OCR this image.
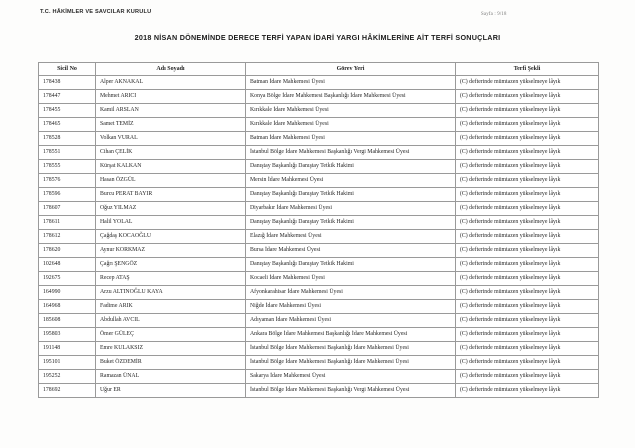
T.C. HÂKİMLER VE SAVCILAR KURULU	Sayfa : 9/18
2018 NİSAN DÖNEMİNDE DERECE TERFİ YAPAN İDARİ YARGI HÂKİMLERİNE AİT TERFİ SONUÇLARI
Sicil No	Adı Soyadı	Görev Yeri	Terfi Şekli
178438	Alper AKNAKAL	Batman İdare Mahkemesi Üyesi	(C) defterinde mümtazen yükselmeye lâyık
178447	Mehmet ARICI	Konya Bölge İdare Mahkemesi Başkanlığı İdare Mahkemesi Üyesi	(C) defterinde mümtazen yükselmeye lâyık
178455	Kamil ARSLAN	Kırıkkale İdare Mahkemesi Üyesi	(C) defterinde mümtazen yükselmeye lâyık
178465	Samet TEMİZ	Kırıkkale İdare Mahkemesi Üyesi	(C) defterinde mümtazen yükselmeye lâyık
178528	Volkan VURAL	Batman İdare Mahkemesi Üyesi	(C) defterinde mümtazen yükselmeye lâyık
178551	Cihan ÇELİK	İstanbul Bölge İdare Mahkemesi Başkanlığı Vergi Mahkemesi Üyesi	(C) defterinde mümtazen yükselmeye lâyık
178555	Kürşat KALKAN	Danıştay Başkanlığı Danıştay Tetkik Hakimi	(C) defterinde mümtazen yükselmeye lâyık
178576	Hasan ÖZGÜL	Mersin İdare Mahkemesi Üyesi	(C) defterinde mümtazen yükselmeye lâyık
178596	Burcu PERAT BAYIR	Danıştay Başkanlığı Danıştay Tetkik Hakimi	(C) defterinde mümtazen yükselmeye lâyık
178607	Oğuz YILMAZ	Diyarbakır İdare Mahkemesi Üyesi	(C) defterinde mümtazen yükselmeye lâyık
178611	Halil YOLAL	Danıştay Başkanlığı Danıştay Tetkik Hakimi	(C) defterinde mümtazen yükselmeye lâyık
178612	Çağdaş KOCAOĞLU	Elazığ İdare Mahkemesi Üyesi	(C) defterinde mümtazen yükselmeye lâyık
178620	Aynur KORKMAZ	Bursa İdare Mahkemesi Üyesi	(C) defterinde mümtazen yükselmeye lâyık
102648	Çağrı ŞENGÖZ	Danıştay Başkanlığı Danıştay Tetkik Hakimi	(C) defterinde mümtazen yükselmeye lâyık
192675	Recep ATAŞ	Kocaeli İdare Mahkemesi Üyesi	(C) defterinde mümtazen yükselmeye lâyık
164990	Arzu ALTINOĞLU KAYA	Afyonkarahisar İdare Mahkemesi Üyesi	(C) defterinde mümtazen yükselmeye lâyık
164968	Fadime ARIK	Niğde İdare Mahkemesi Üyesi	(C) defterinde mümtazen yükselmeye lâyık
185608	Abdullah AVCIL	Adıyaman İdare Mahkemesi Üyesi	(C) defterinde mümtazen yükselmeye lâyık
195803	Ömer GÜLEÇ	Ankara Bölge İdare Mahkemesi Başkanlığı İdare Mahkemesi Üyesi	(C) defterinde mümtazen yükselmeye lâyık
191148	Emre KULAKSIZ	İstanbul Bölge İdare Mahkemesi Başkanlığı İdare Mahkemesi Üyesi	(C) defterinde mümtazen yükselmeye lâyık
195101	Buket ÖZDEMİR	İstanbul Bölge İdare Mahkemesi Başkanlığı İdare Mahkemesi Üyesi	(C) defterinde mümtazen yükselmeye lâyık
195252	Ramazan ÜNAL	Sakarya İdare Mahkemesi Üyesi	(C) defterinde mümtazen yükselmeye lâyık
178692	Uğur ER	İstanbul Bölge İdare Mahkemesi Başkanlığı Vergi Mahkemesi Üyesi	(C) defterinde mümtazen yükselmeye lâyık
